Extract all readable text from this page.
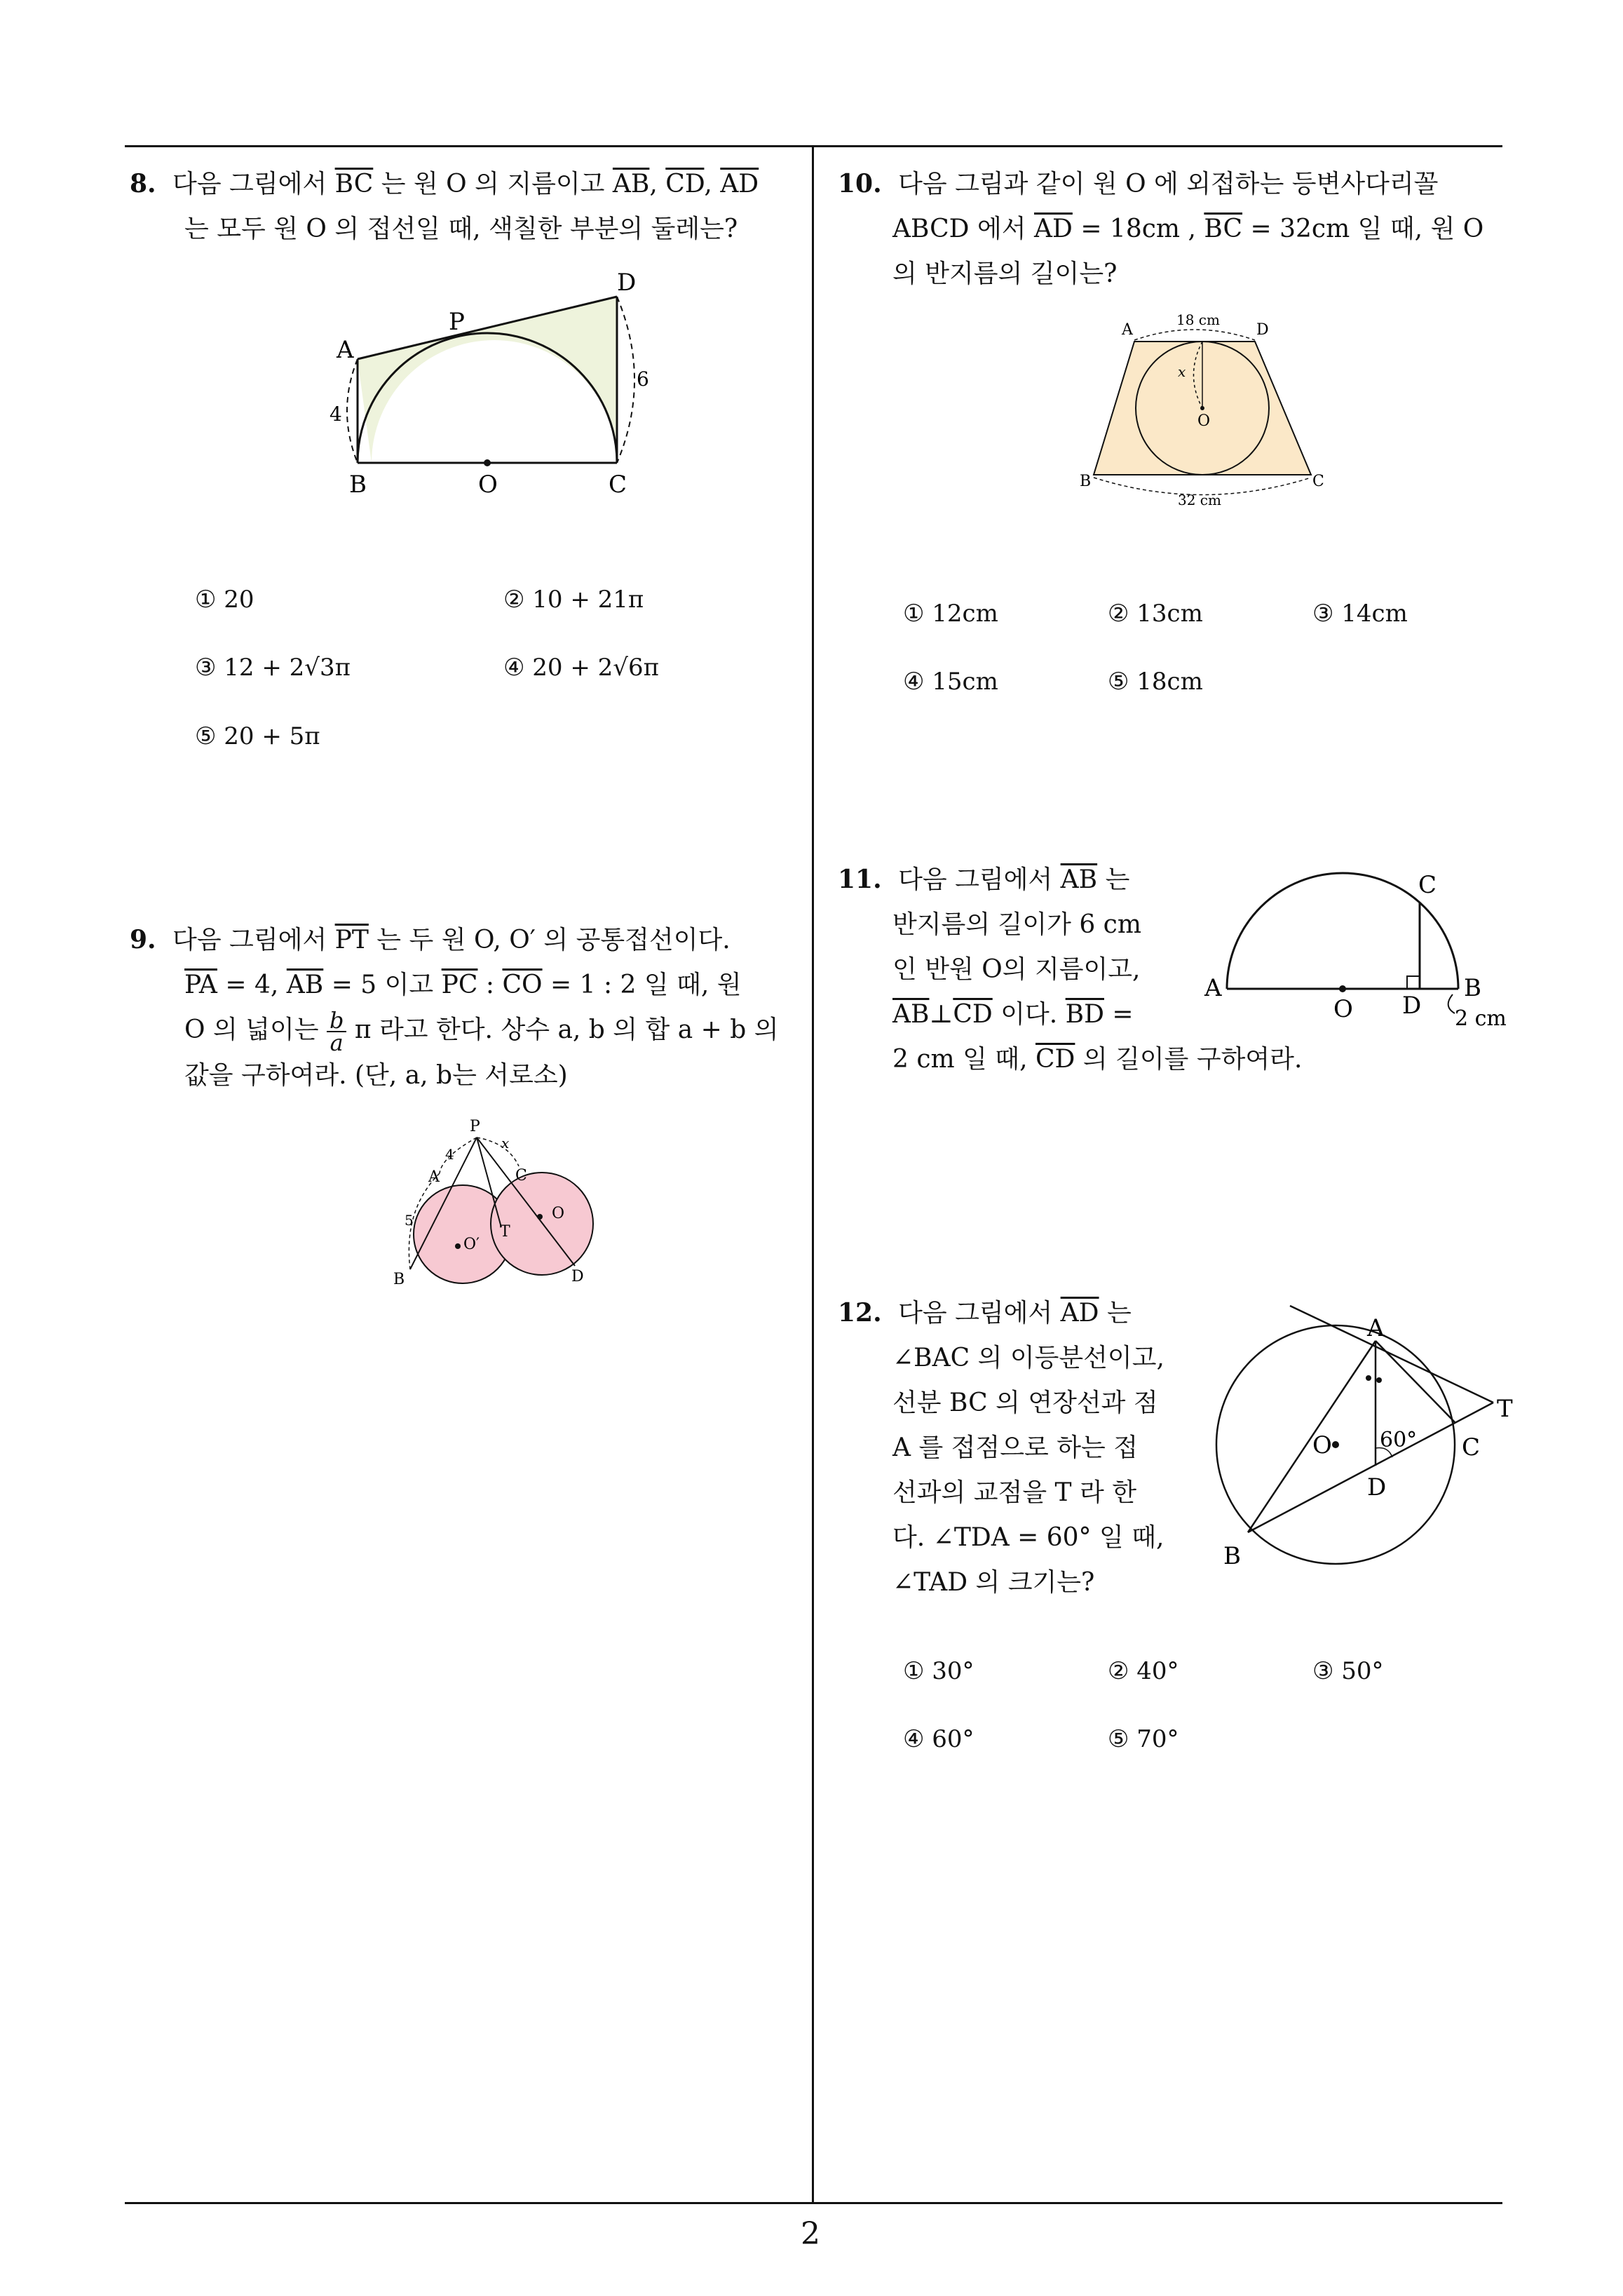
2
8. 다음 그림에서 $\overline{BC}$ 는 원 O 의 지름이고 $\overline{AB}$, $\overline{CD}$, $\overline{AD}$
는 모두 원 O 의 접선일 때, 색칠한 부분의 둘레는?
A
B	O	C
D
P
4
6
① 20	② 10 + 21π
③ 12 + 2√3π	④ 20 + 2√6π
⑤ 20 + 5π
9. 다음 그림에서 $\overline{PT}$ 는 두 원 O, O′ 의 공통접선이다.
$\overline{PA} = 4$, $\overline{AB} = 5$ 이고 $\overline{PC}$ : $\overline{CO} = 1$ : 2 일 때, 원
O 의 넓이는 $\frac{b}{a}$ π 라고 한다. 상수 a, b 의 합 a + b 의
값을 구하여라. (단, a, b는 서로소)
P
A
B
C
D
T
O
O′
4
5
x
10. 다음 그림과 같이 원 O 에 외접하는 등변사다리꼴
ABCD 에서 $\overline{AD} = 18cm$ , $\overline{BC} = 32cm$ 일 때, 원 O
의 반지름의 길이는?
A	D
B	C
O
x
18 cm
32 cm
① 12cm	② 13cm	③ 14cm
④ 15cm	⑤ 18cm
11. 다음 그림에서 $\overline{AB}$ 는
반지름의 길이가 6 cm
인 반원 O의 지름이고,
$\overline{AB}\perp\overline{CD}$ 이다. $\overline{BD}$ =
2 cm 일 때, $\overline{CD}$ 의 길이를 구하여라.
A	B
C
D
O	2 cm
12. 다음 그림에서 $\overline{AD}$ 는
∠BAC 의 이등분선이고,
선분 BC 의 연장선과 점
A 를 접점으로 하는 접
선과의 교점을 T 라 한
다. ∠TDA = 60° 일 때,
∠TAD 의 크기는?
A
B
C
D
T
O 60°
① 30°	② 40°	③ 50°
④ 60°	⑤ 70°
